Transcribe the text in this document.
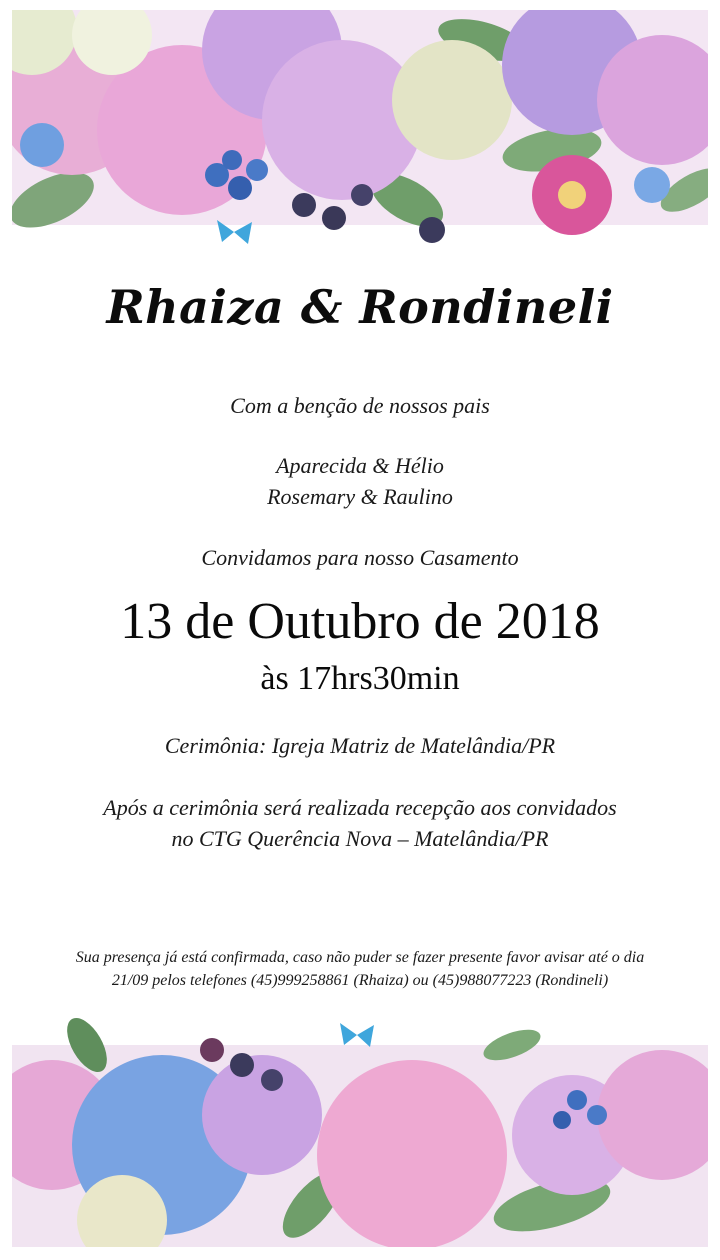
Rhaiza & Rondineli
Com a benção de nossos pais
Aparecida & Hélio
Rosemary & Raulino
Convidamos para nosso Casamento
13 de Outubro de 2018
às 17hrs30min
Cerimônia: Igreja Matriz de Matelândia/PR
Após a cerimônia será realizada recepção aos convidados
no CTG Querência Nova – Matelândia/PR
Sua presença já está confirmada, caso não puder se fazer presente favor avisar até o dia
21/09 pelos telefones (45)999258861 (Rhaiza) ou (45)988077223 (Rondineli)
